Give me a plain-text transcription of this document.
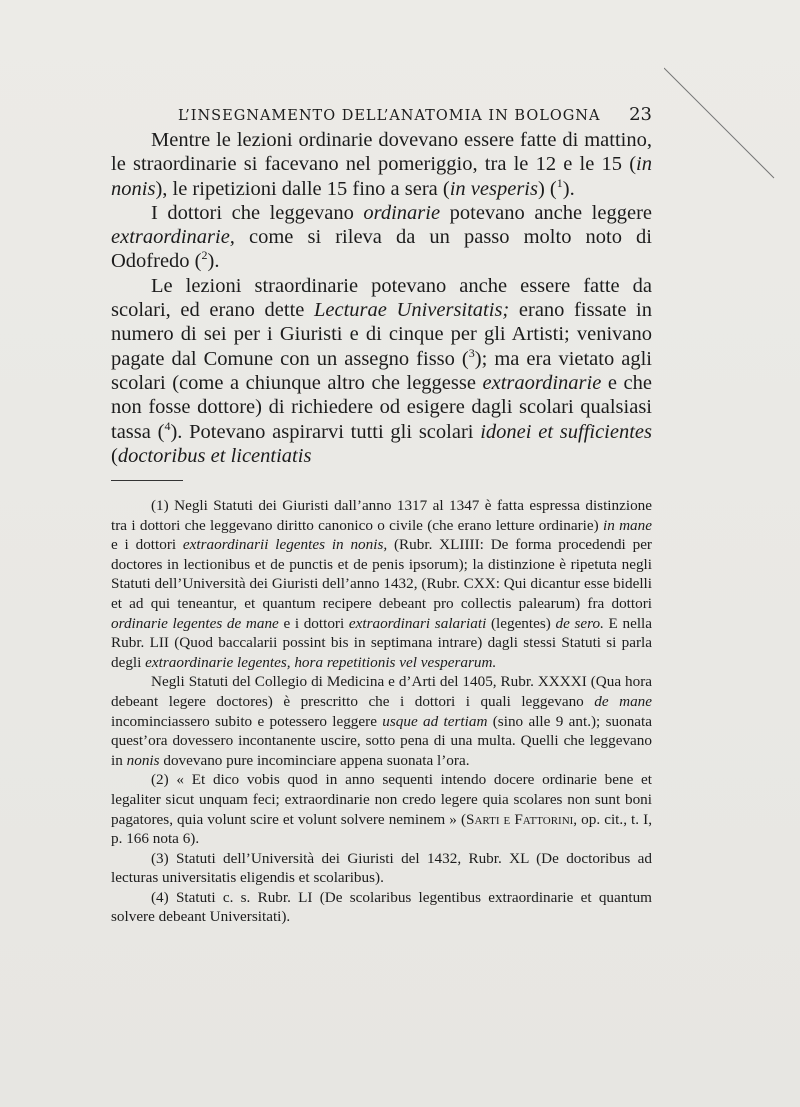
L’INSEGNAMENTO DELL’ANATOMIA IN BOLOGNA 23

Mentre le lezioni ordinarie dovevano essere fatte di mattino, le straordinarie si facevano nel pomeriggio, tra le 12 e le 15 (in nonis), le ripetizioni dalle 15 fino a sera (in vesperis) ($^1$).

I dottori che leggevano ordinarie potevano anche leggere extraordinarie, come si rileva da un passo molto noto di Odofredo ($^2$).

Le lezioni straordinarie potevano anche essere fatte da scolari, ed erano dette Lecturae Universitatis; erano fissate in numero di sei per i Giuristi e di cinque per gli Artisti; venivano pagate dal Comune con un assegno fisso ($^3$); ma era vietato agli scolari (come a chiunque altro che leggesse extraordinarie e che non fosse dottore) di richiedere od esigere dagli scolari qualsiasi tassa ($^4$). Potevano aspirarvi tutti gli scolari idonei et sufficientes (doctoribus et licentiatis

(1) Negli Statuti dei Giuristi dall’anno 1317 al 1347 è fatta espressa distinzione tra i dottori che leggevano diritto canonico o civile (che erano letture ordinarie) in mane e i dottori extraordinarii legentes in nonis, (Rubr. XLIIII: De forma procedendi per doctores in lectionibus et de punctis et de penis ipsorum); la distinzione è ripetuta negli Statuti dell’Università dei Giuristi dell’anno 1432, (Rubr. CXX: Qui dicantur esse bidelli et ad qui teneantur, et quantum recipere debeant pro collectis palearum) fra dottori ordinarie legentes de mane e i dottori extraordinari salariati (legentes) de sero. E nella Rubr. LII (Quod baccalarii possint bis in septimana intrare) dagli stessi Statuti si parla degli extraordinarie legentes, hora repetitionis vel vesperarum.

Negli Statuti del Collegio di Medicina e d’Arti del 1405, Rubr. XXXXI (Qua hora debeant legere doctores) è prescritto che i dottori i quali leggevano de mane incominciassero subito e potessero leggere usque ad tertiam (sino alle 9 ant.); suonata quest’ora dovessero incontanente uscire, sotto pena di una multa. Quelli che leggevano in nonis dovevano pure incominciare appena suonata l’ora.

(2) « Et dico vobis quod in anno sequenti intendo docere ordinarie bene et legaliter sicut unquam feci; extraordinarie non credo legere quia scolares non sunt boni pagatores, quia volunt scire et volunt solvere neminem » (Sarti e Fattorini, op. cit., t. I, p. 166 nota 6).

(3) Statuti dell’Università dei Giuristi del 1432, Rubr. XL (De doctoribus ad lecturas universitatis eligendis et scolaribus).

(4) Statuti c. s. Rubr. LI (De scolaribus legentibus extraordinarie et quantum solvere debeant Universitati).
